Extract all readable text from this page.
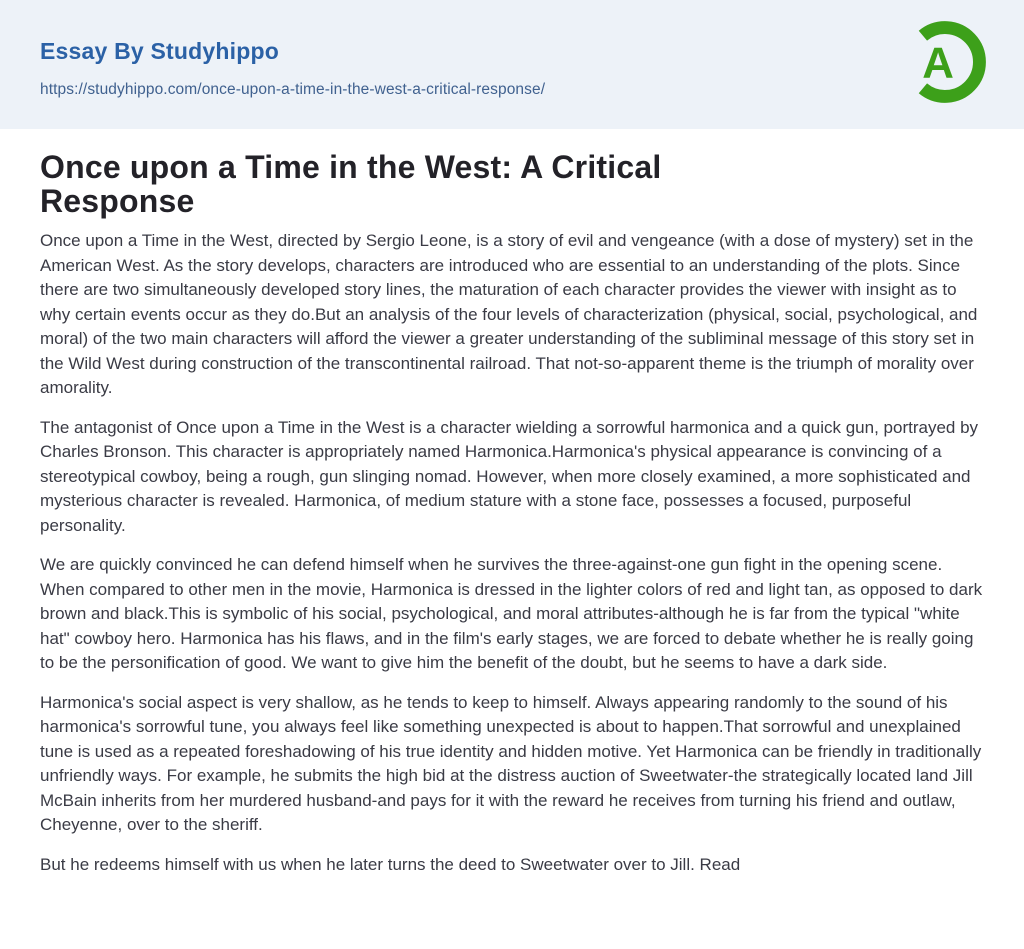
Essay By Studyhippo
https://studyhippo.com/once-upon-a-time-in-the-west-a-critical-response/
A
Once upon a Time in the West: A Critical
Response

Once upon a Time in the West, directed by Sergio Leone, is a story of evil and vengeance (with a dose of mystery) set in the American West. As the story develops, characters are introduced who are essential to an understanding of the plots. Since there are two simultaneously developed story lines, the maturation of each character provides the viewer with insight as to why certain events occur as they do.But an analysis of the four levels of characterization (physical, social, psychological, and moral) of the two main characters will afford the viewer a greater understanding of the subliminal message of this story set in the Wild West during construction of the transcontinental railroad. That not-so-apparent theme is the triumph of morality over amorality.

The antagonist of Once upon a Time in the West is a character wielding a sorrowful harmonica and a quick gun, portrayed by Charles Bronson. This character is appropriately named Harmonica.Harmonica's physical appearance is convincing of a stereotypical cowboy, being a rough, gun slinging nomad. However, when more closely examined, a more sophisticated and mysterious character is revealed. Harmonica, of medium stature with a stone face, possesses a focused, purposeful personality.

We are quickly convinced he can defend himself when he survives the three-against-one gun fight in the opening scene. When compared to other men in the movie, Harmonica is dressed in the lighter colors of red and light tan, as opposed to dark brown and black.This is symbolic of his social, psychological, and moral attributes-although he is far from the typical "white hat" cowboy hero. Harmonica has his flaws, and in the film's early stages, we are forced to debate whether he is really going to be the personification of good. We want to give him the benefit of the doubt, but he seems to have a dark side.

Harmonica's social aspect is very shallow, as he tends to keep to himself. Always appearing randomly to the sound of his harmonica's sorrowful tune, you always feel like something unexpected is about to happen.That sorrowful and unexplained tune is used as a repeated foreshadowing of his true identity and hidden motive. Yet Harmonica can be friendly in traditionally unfriendly ways. For example, he submits the high bid at the distress auction of Sweetwater-the strategically located land Jill McBain inherits from her murdered husband-and pays for it with the reward he receives from turning his friend and outlaw, Cheyenne, over to the sheriff.

But he redeems himself with us when he later turns the deed to Sweetwater over to Jill. Read
